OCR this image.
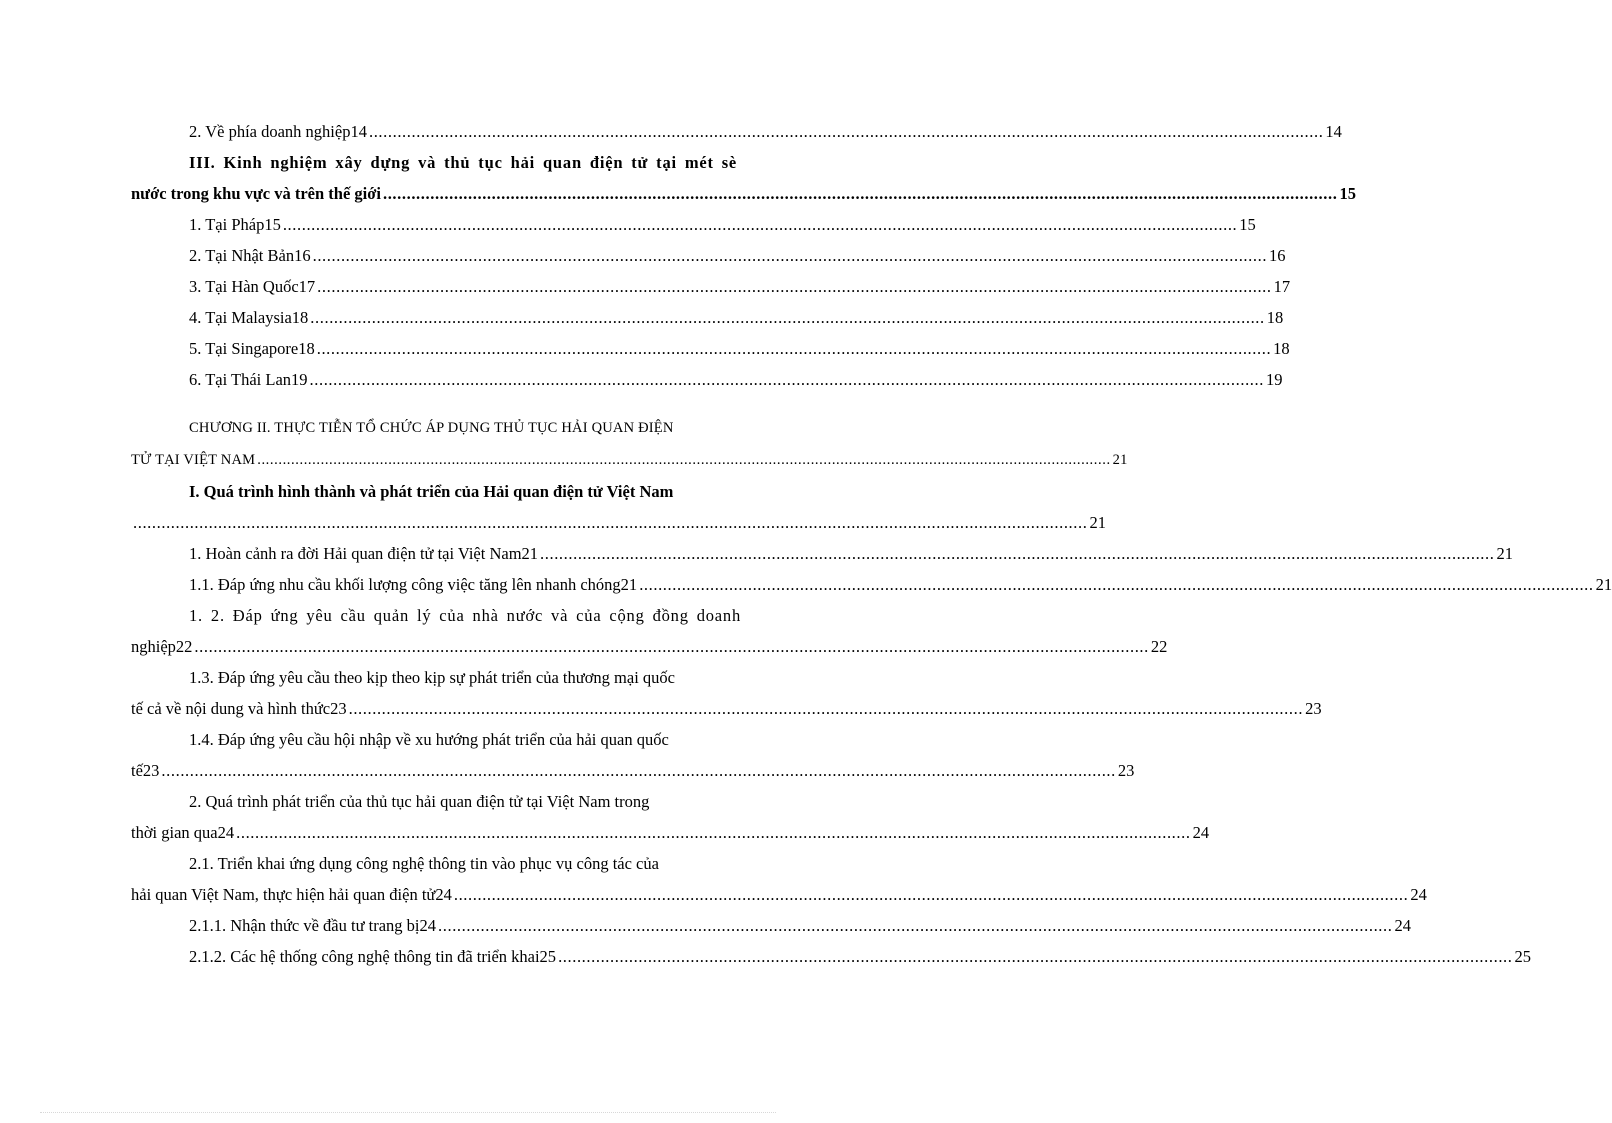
2. Về phía doanh nghiệp14 .......................................................................................................................................................................................................... 14
III. Kinh nghiệm xây dựng và thủ tục hải quan điện tử tại mét sè
nước trong khu vực và trên thế giới .......................................................................................................................................................................................................... 15
1. Tại Pháp15 .......................................................................................................................................................................................................... 15
2. Tại Nhật Bản16 .......................................................................................................................................................................................................... 16
3. Tại Hàn Quốc17 .......................................................................................................................................................................................................... 17
4. Tại Malaysia18 .......................................................................................................................................................................................................... 18
5. Tại Singapore18 .......................................................................................................................................................................................................... 18
6. Tại Thái Lan19 .......................................................................................................................................................................................................... 19
CHƯƠNG II. THỰC TIỄN TỔ CHỨC ÁP DỤNG THỦ TỤC HẢI QUAN ĐIỆN
TỬ TẠI VIỆT NAM .......................................................................................................................................................................................................... 21
I. Quá trình hình thành và phát triển của Hải quan điện tử Việt Nam
.......................................................................................................................................................................................................... 21
1. Hoàn cảnh ra đời Hải quan điện tử tại Việt Nam21 .......................................................................................................................................................................................................... 21
1.1. Đáp ứng nhu cầu khối lượng công việc tăng lên nhanh chóng21 .......................................................................................................................................................................................................... 21
1. 2. Đáp ứng yêu cầu quản lý của nhà nước và của cộng đồng doanh
nghiệp22 .......................................................................................................................................................................................................... 22
1.3. Đáp ứng yêu cầu theo kịp theo kịp sự phát triển của thương mại quốc
tế cả về nội dung và hình thức23 .......................................................................................................................................................................................................... 23
1.4. Đáp ứng yêu cầu hội nhập về xu hướng phát triển của hải quan quốc
tế23 .......................................................................................................................................................................................................... 23
2. Quá trình phát triển của thủ tục hải quan điện tử tại Việt Nam trong
thời gian qua24 .......................................................................................................................................................................................................... 24
2.1. Triển khai ứng dụng công nghệ thông tin vào phục vụ công tác của
hải quan Việt Nam, thực hiện hải quan điện tử24 .......................................................................................................................................................................................................... 24
2.1.1. Nhận thức về đầu tư trang bị24 .......................................................................................................................................................................................................... 24
2.1.2. Các hệ thống công nghệ thông tin đã triển khai25 .......................................................................................................................................................................................................... 25
